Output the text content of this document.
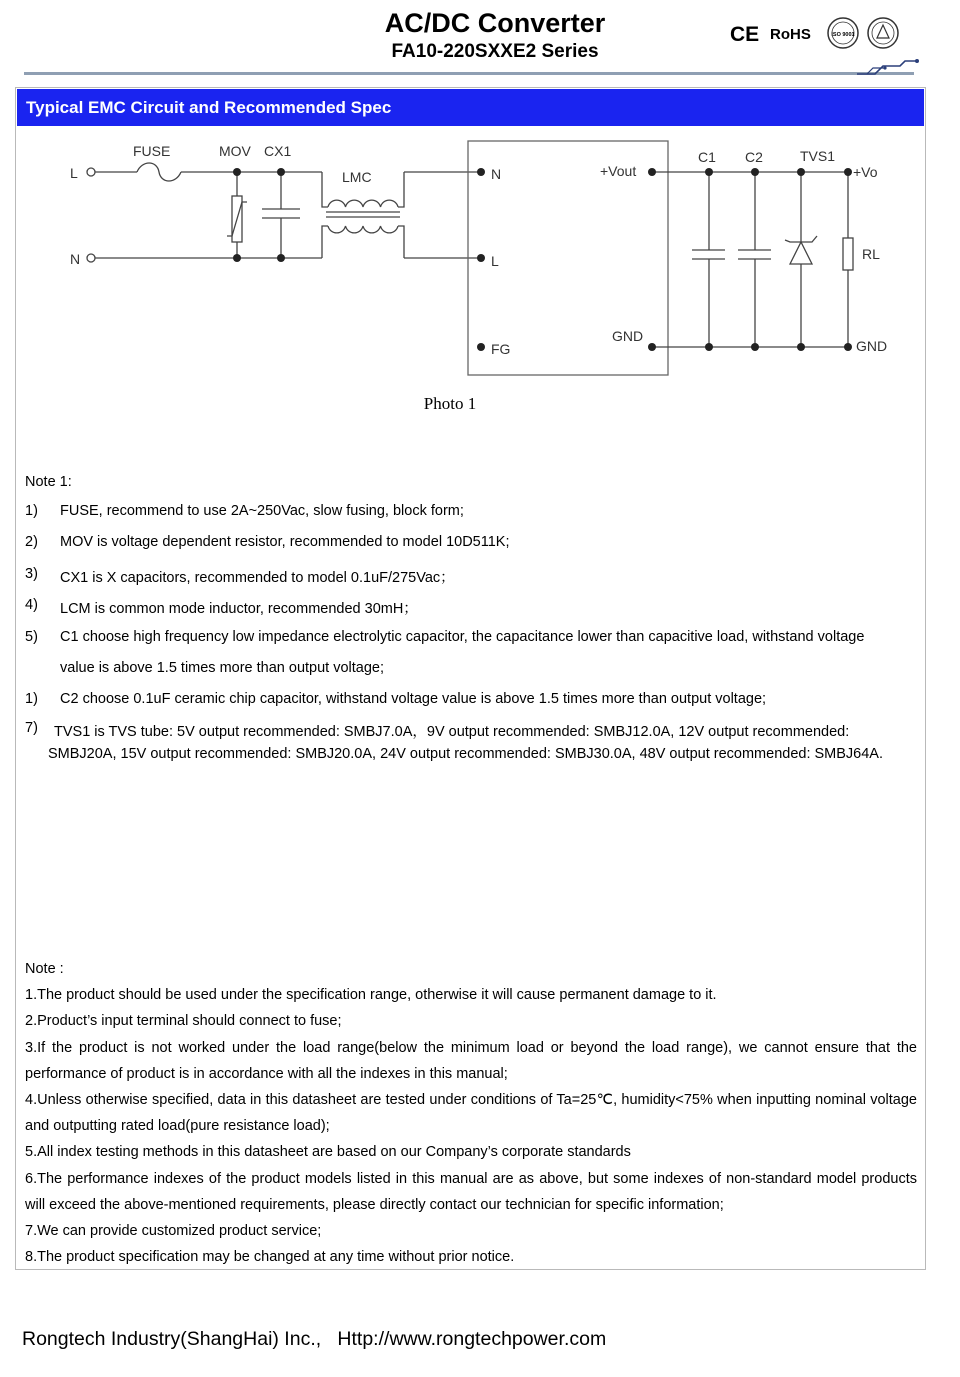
AC/DC Converter
FA10-220SXXE2 Series
CE RoHS	ISO 9001
Typical EMC Circuit and Recommended Spec
FUSE	MOV CX1
LMC
L
N
N
L
FG
+Vout
GND
C1 C2	TVS1
+Vo
RL
GND
Photo 1
Note 1:
1) FUSE, recommend to use 2A~250Vac, slow fusing, block form;
2) MOV is voltage dependent resistor, recommended to model 10D511K;
3) CX1 is X capacitors, recommended to model 0.1uF/275Vac；
4) LCM is common mode inductor, recommended 30mH；
5) C1 choose high frequency low impedance electrolytic capacitor, the capacitance lower than capacitive load, withstand voltage
value is above 1.5 times more than output voltage;
1) C2 choose 0.1uF ceramic chip capacitor, withstand voltage value is above 1.5 times more than output voltage;
7) TVS1 is TVS tube: 5V output recommended: SMBJ7.0A，9V output recommended: SMBJ12.0A, 12V output recommended:
SMBJ20A, 15V output recommended: SMBJ20.0A, 24V output recommended: SMBJ30.0A, 48V output recommended: SMBJ64A.

Note :

1.The product should be used under the specification range, otherwise it will cause permanent damage to it.

2.Product’s input terminal should connect to fuse;

3.If the product is not worked under the load range(below the minimum load or beyond the load range), we cannot ensure that the performance of product is in accordance with all the indexes in this manual;

4.Unless otherwise specified, data in this datasheet are tested under conditions of Ta=25℃, humidity<75% when inputting nominal voltage and outputting rated load(pure resistance load);

5.All index testing methods in this datasheet are based on our Company’s corporate standards

6.The performance indexes of the product models listed in this manual are as above, but some indexes of non-standard model products will exceed the above-mentioned requirements, please directly contact our technician for specific information;

7.We can provide customized product service;

8.The product specification may be changed at any time without prior notice.

Rongtech Industry(ShangHai) Inc., Http://www.rongtechpower.com
